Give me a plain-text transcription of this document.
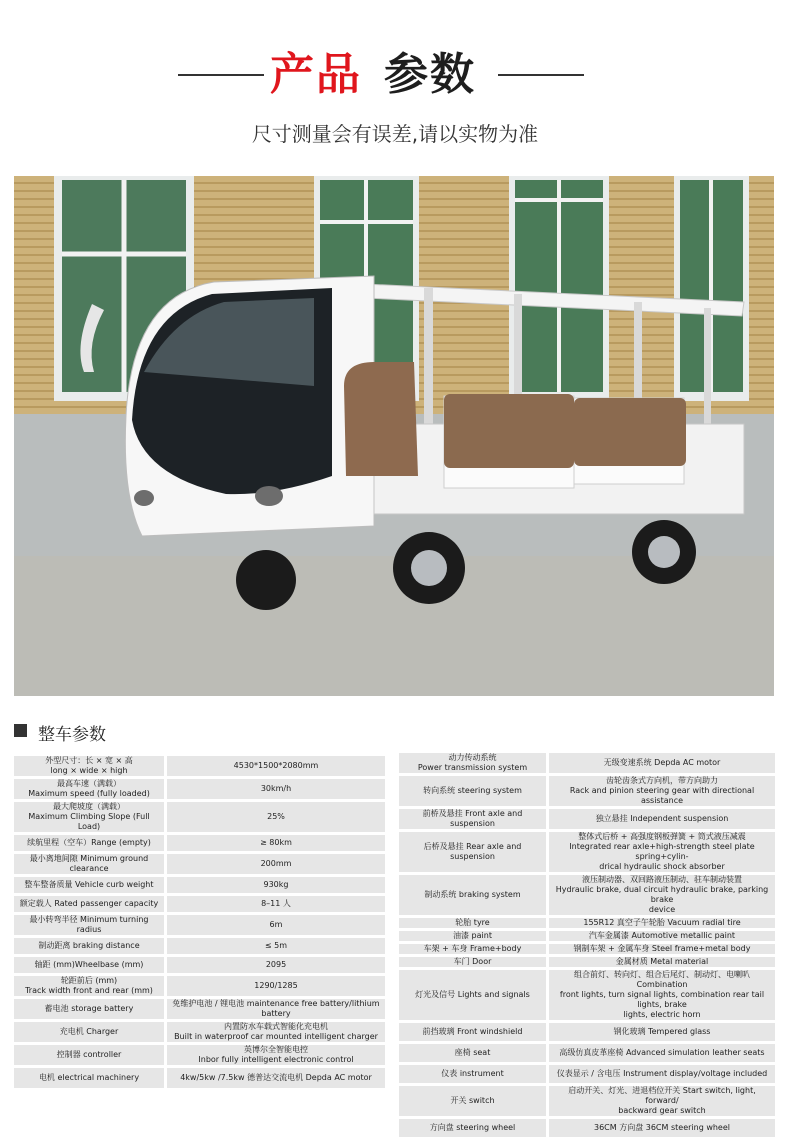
产品 参数
尺寸测量会有误差,请以实物为准
整车参数
外型尺寸：长 × 宽 × 高
long × wide × high	4530*1500*2080mm
最高车速（满载）
Maximum speed (fully loaded)	30km/h
最大爬坡度（满载）
Maximum Climbing Slope (Full Load)	25%
续航里程（空车）Range (empty)	≥ 80km
最小离地间隙 Minimum ground
clearance	200mm
整车整备质量 Vehicle curb weight	930kg
额定载人 Rated passenger capacity	8–11 人
最小转弯半径 Minimum turning radius	6m
制动距离 braking distance	≤ 5m
轴距 (mm)Wheelbase (mm)	2095
轮距前后 (mm)
Track width front and rear (mm)	1290/1285
蓄电池 storage battery	免维护电池 / 锂电池 maintenance free battery/lithium battery
充电机 Charger	内置防水车载式智能化充电机
Built in waterproof car mounted intelligent charger
控制器 controller	英博尔全智能电控
Inbor fully intelligent electronic control
电机 electrical machinery	4kw/5kw /7.5kw 德普达交流电机 Depda AC motor
动力传动系统
Power transmission system	无级变速系统 Depda AC motor
转向系统 steering system	齿轮齿条式方向机，带方向助力
Rack and pinion steering gear with directional assistance
前桥及悬挂 Front axle and suspension	独立悬挂 Independent suspension
后桥及悬挂 Rear axle and suspension	整体式后桥 + 高强度钢板弹簧 + 筒式液压减震
Integrated rear axle+high-strength steel plate spring+cylin-
drical hydraulic shock absorber
制动系统 braking system	液压制动器、双回路液压制动、驻车制动装置
Hydraulic brake, dual circuit hydraulic brake, parking brake
device
轮胎 tyre	155R12 真空子午轮胎 Vacuum radial tire
油漆 paint	汽车金属漆 Automotive metallic paint
车架 + 车身 Frame+body	钢制车架 + 金属车身 Steel frame+metal body
车门 Door	金属材质 Metal material
灯光及信号 Lights and signals	组合前灯、转向灯、组合后尾灯、制动灯、电喇叭 Combination
front lights, turn signal lights, combination rear tail lights, brake
lights, electric horn
前挡玻璃 Front windshield	钢化玻璃 Tempered glass
座椅 seat	高级仿真皮革座椅 Advanced simulation leather seats
仪表 instrument	仪表显示 / 含电压 Instrument display/voltage included
开关 switch	启动开关、灯光、进退档位开关 Start switch, light, forward/
backward gear switch
方向盘 steering wheel	36CM 方向盘 36CM steering wheel
